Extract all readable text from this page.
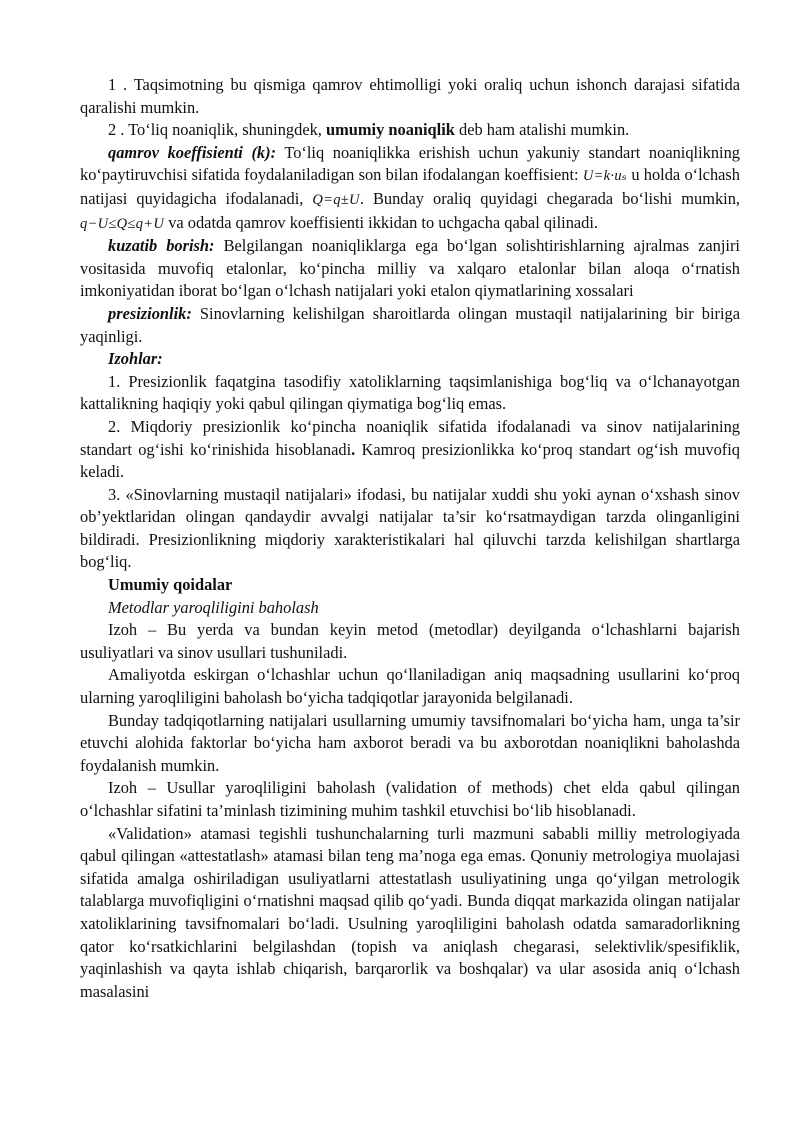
1 . Taqsimotning bu qismiga qamrov ehtimolligi yoki oraliq uchun ishonch darajasi sifatida qaralishi mumkin.

2 . To‘liq noaniqlik, shuningdek, umumiy noaniqlik deb ham atalishi mumkin.

qamrov koeffisienti (k): To‘liq noaniqlikka erishish uchun yakuniy standart noaniqlikning ko‘paytiruvchisi sifatida foydalaniladigan son bilan ifodalangan koeffisient: U=k·uₛ u holda o‘lchash natijasi quyidagicha ifodalanadi, Q=q±U. Bunday oraliq quyidagi chegarada bo‘lishi mumkin, q−U≤Q≤q+U va odatda qamrov koeffisienti ikkidan to uchgacha qabal qilinadi.

kuzatib borish: Belgilangan noaniqliklarga ega bo‘lgan solishtirishlarning ajralmas zanjiri vositasida muvofiq etalonlar, ko‘pincha milliy va xalqaro etalonlar bilan aloqa o‘rnatish imkoniyatidan iborat bo‘lgan o‘lchash natijalari yoki etalon qiymatlarining xossalari

presizionlik: Sinovlarning kelishilgan sharoitlarda olingan mustaqil natijalarining bir biriga yaqinligi.

Izohlar:

1. Presizionlik faqatgina tasodifiy xatoliklarning taqsimlanishiga bog‘liq va o‘lchanayotgan kattalikning haqiqiy yoki qabul qilingan qiymatiga bog‘liq emas.

2. Miqdoriy presizionlik ko‘pincha noaniqlik sifatida ifodalanadi va sinov natijalarining standart og‘ishi ko‘rinishida hisoblanadi. Kamroq presizionlikka ko‘proq standart og‘ish muvofiq keladi.

3. «Sinovlarning mustaqil natijalari» ifodasi, bu natijalar xuddi shu yoki aynan o‘xshash sinov ob’yektlaridan olingan qandaydir avvalgi natijalar ta’sir ko‘rsatmaydigan tarzda olinganligini bildiradi. Presizionlikning miqdoriy xarakteristikalari hal qiluvchi tarzda kelishilgan shartlarga bog‘liq.

Umumiy qoidalar

Metodlar yaroqliligini baholash

Izoh – Bu yerda va bundan keyin metod (metodlar) deyilganda o‘lchashlarni bajarish usuliyatlari va sinov usullari tushuniladi.

Amaliyotda eskirgan o‘lchashlar uchun qo‘llaniladigan aniq maqsadning usullarini ko‘proq ularning yaroqliligini baholash bo‘yicha tadqiqotlar jarayonida belgilanadi.

Bunday tadqiqotlarning natijalari usullarning umumiy tavsifnomalari bo‘yicha ham, unga ta’sir etuvchi alohida faktorlar bo‘yicha ham axborot beradi va bu axborotdan noaniqlikni baholashda foydalanish mumkin.

Izoh – Usullar yaroqliligini baholash (validation of methods) chet elda qabul qilingan o‘lchashlar sifatini ta’minlash tizimining muhim tashkil etuvchisi bo‘lib hisoblanadi.

«Validation» atamasi tegishli tushunchalarning turli mazmuni sababli milliy metrologiyada qabul qilingan «attestatlash» atamasi bilan teng ma’noga ega emas. Qonuniy metrologiya muolajasi sifatida amalga oshiriladigan usuliyatlarni attestatlash usuliyatining unga qo‘yilgan metrologik talablarga muvofiqligini o‘rnatishni maqsad qilib qo‘yadi. Bunda diqqat markazida olingan natijalar xatoliklarining tavsifnomalari bo‘ladi. Usulning yaroqliligini baholash odatda samaradorlikning qator ko‘rsatkichlarini belgilashdan (topish va aniqlash chegarasi, selektivlik/spesifiklik, yaqinlashish va qayta ishlab chiqarish, barqarorlik va boshqalar) va ular asosida aniq o‘lchash masalasini
